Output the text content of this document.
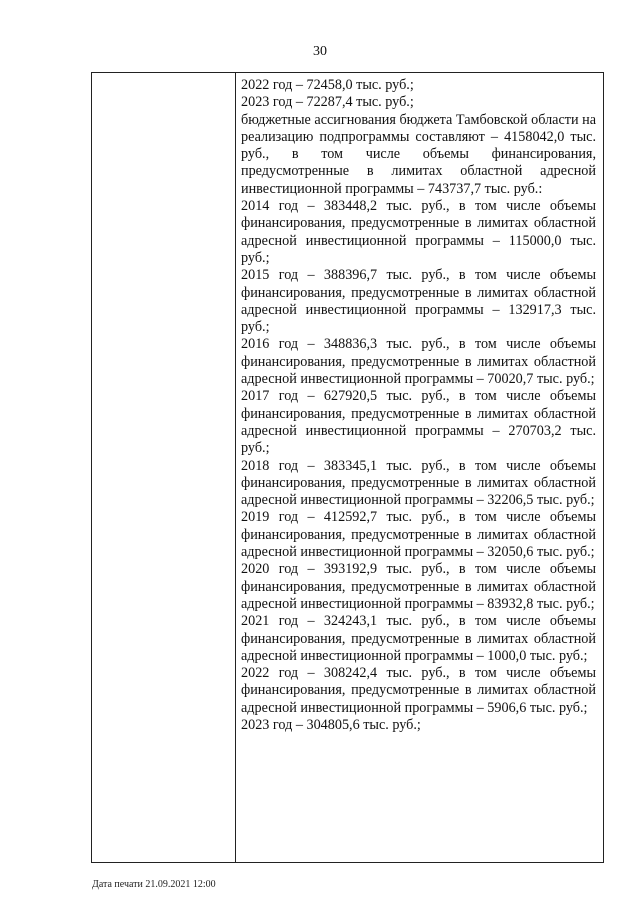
30

2022 год – 72458,0 тыс. руб.;

2023 год – 72287,4 тыс. руб.;

бюджетные ассигнования бюджета Тамбовской области на реализацию подпрограммы составляют – 4158042,0 тыс. руб., в том числе объемы финансирования, предусмотренные в лимитах областной адресной инвестиционной программы – 743737,7 тыс. руб.:

2014 год – 383448,2 тыс. руб., в том числе объемы финансирования, предусмотренные в лимитах областной адресной инвестиционной программы – 115000,0 тыс. руб.;

2015 год – 388396,7 тыс. руб., в том числе объемы финансирования, предусмотренные в лимитах областной адресной инвестиционной программы – 132917,3 тыс. руб.;

2016 год – 348836,3 тыс. руб., в том числе объемы финансирования, предусмотренные в лимитах областной адресной инвестиционной программы – 70020,7 тыс. руб.;

2017 год – 627920,5 тыс. руб., в том числе объемы финансирования, предусмотренные в лимитах областной адресной инвестиционной программы – 270703,2 тыс. руб.;

2018 год – 383345,1 тыс. руб., в том числе объемы финансирования, предусмотренные в лимитах областной адресной инвестиционной программы – 32206,5 тыс. руб.;

2019 год – 412592,7 тыс. руб., в том числе объемы финансирования, предусмотренные в лимитах областной адресной инвестиционной программы – 32050,6 тыс. руб.;

2020 год – 393192,9 тыс. руб., в том числе объемы финансирования, предусмотренные в лимитах областной адресной инвестиционной программы – 83932,8 тыс. руб.;

2021 год – 324243,1 тыс. руб., в том числе объемы финансирования, предусмотренные в лимитах областной адресной инвестиционной программы – 1000,0 тыс. руб.;

2022 год – 308242,4 тыс. руб., в том числе объемы финансирования, предусмотренные в лимитах областной адресной инвестиционной программы – 5906,6 тыс. руб.;

2023 год – 304805,6 тыс. руб.;

Дата печати 21.09.2021 12:00
